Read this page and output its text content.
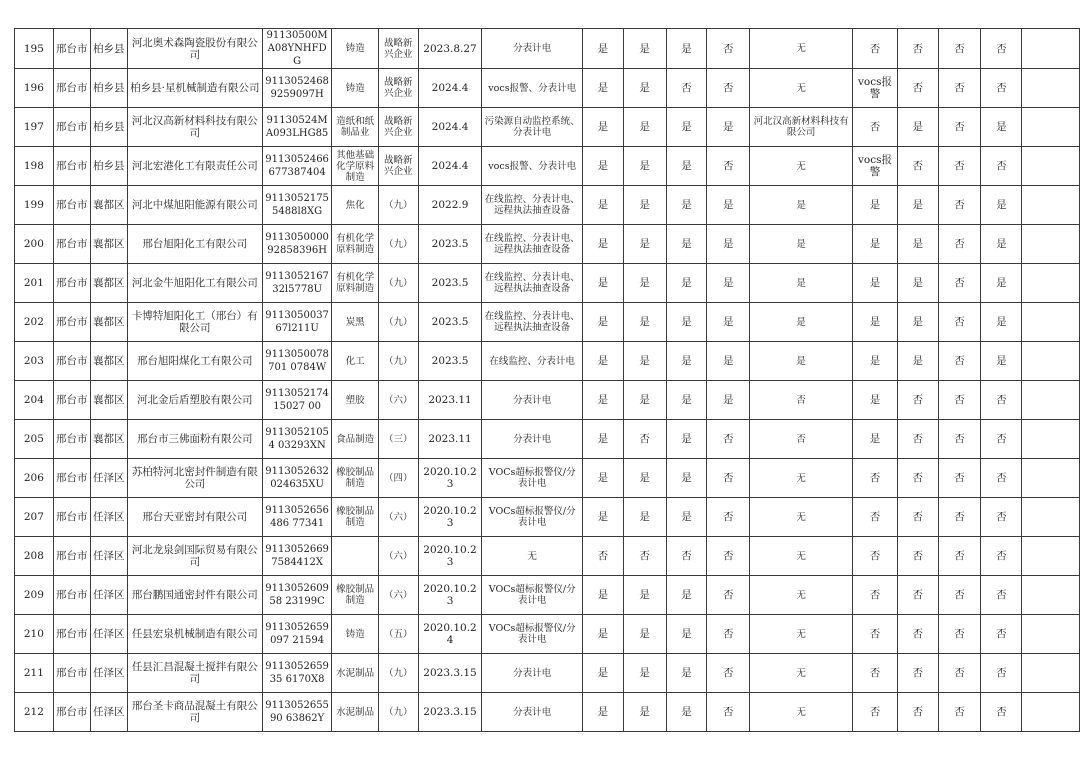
195	邢台市	柏乡县	河北奥术森陶瓷股份有限公司	91130500MA08YNHFDG	铸造	战略新兴企业	2023.8.27	分表计电	是	是	是	否	无	否	否	否	否	
196	邢台市	柏乡县	柏乡县·星机械制造有限公司	91130524689259097H	铸造	战略新兴企业	2024.4	vocs报警、分表计电	是	是	否	否	无	vocs报警	否	否	否	
197	邢台市	柏乡县	河北汉高新材料科技有限公司	91130524MA093LHG85	造纸和纸制品业	战略新兴企业	2024.4	污染源自动监控系统、分表计电	是	是	是	是	河北汉高新材料科技有限公司	否	是	否	是	
198	邢台市	柏乡县	河北宏港化工有限责任公司	9113052466677387404	其他基础化学原料制造	战略新兴企业	2024.4	vocs报警、分表计电	是	是	是	否	无	vocs报警	否	否	否	
199	邢台市	襄都区	河北中煤旭阳能源有限公司	91130521755488l8XG	焦化	（九）	2022.9	在线监控、分表计电、远程执法抽查设备	是	是	是	是	是	是	是	否	是	
200	邢台市	襄都区	邢台旭阳化工有限公司	911305000092858396H	有机化学原料制造	（九）	2023.5	在线监控、分表计电、远程执法抽查设备	是	是	是	是	是	是	是	否	是	
201	邢台市	襄都区	河北金牛旭阳化工有限公司	911305216732l5778U	有机化学原料制造	（九）	2023.5	在线监控、分表计电、远程执法抽查设备	是	是	是	是	是	是	是	否	是	
202	邢台市	襄都区	卡博特旭阳化工（邢台）有限公司	911305003767l211U	炭黑	（九）	2023.5	在线监控、分表计电、远程执法抽查设备	是	是	是	是	是	是	是	否	是	
203	邢台市	襄都区	邢台旭阳煤化工有限公司	9113050078701 0784W	化工	（九）	2023.5	在线监控、分表计电	是	是	是	是	是	是	是	否	是	
204	邢台市	襄都区	河北金后盾塑胶有限公司	911305217415027 00	塑胶	（六）	2023.11	分表计电	是	是	是	是	否	是	否	否	否	
205	邢台市	襄都区	邢台市三佛面粉有限公司	91130521054 03293XN	食品制造	（三）	2023.11	分表计电	是	否	是	否	否	是	否	否	否	
206	邢台市	任泽区	苏柏特河北密封件制造有限公司	9113052632024635XU	橡胶制品制造	（四）	2020.10.23	VOCs超标报警仪/分表计电	是	是	是	否	无	否	否	否	否	
207	邢台市	任泽区	邢台天亚密封有限公司	9113052656486 77341	橡胶制品制造	（六）	2020.10.23	VOCs超标报警仪/分表计电	是	是	是	否	无	否	否	否	否	
208	邢台市	任泽区	河北龙泉剑国际贸易有限公司	91130526697584412X		（六）	2020.10.23	无	否	否	否	否	无	否	否	否	否	
209	邢台市	任泽区	邢台鹏国通密封件有限公司	911305260958 23199C	橡胶制品制造	（六）	2020.10.23	VOCs超标报警仪/分表计电	是	是	是	否	无	否	否	否	否	
210	邢台市	任泽区	任县宏泉机械制造有限公司	9113052659097 21594	铸造	（五）	2020.10.24	VOCs超标报警仪/分表计电	是	是	是	否	无	否	否	否	否	
211	邢台市	任泽区	任县汇昌混凝土搅拌有限公司	911305265935 6170X8	水泥制品	（九）	2023.3.15	分表计电	是	是	是	否	无	否	否	否	否	
212	邢台市	任泽区	邢台圣卡商品混凝土有限公司	911305265590 63862Y	水泥制品	（九）	2023.3.15	分表计电	是	是	是	否	无	否	否	否	否	
